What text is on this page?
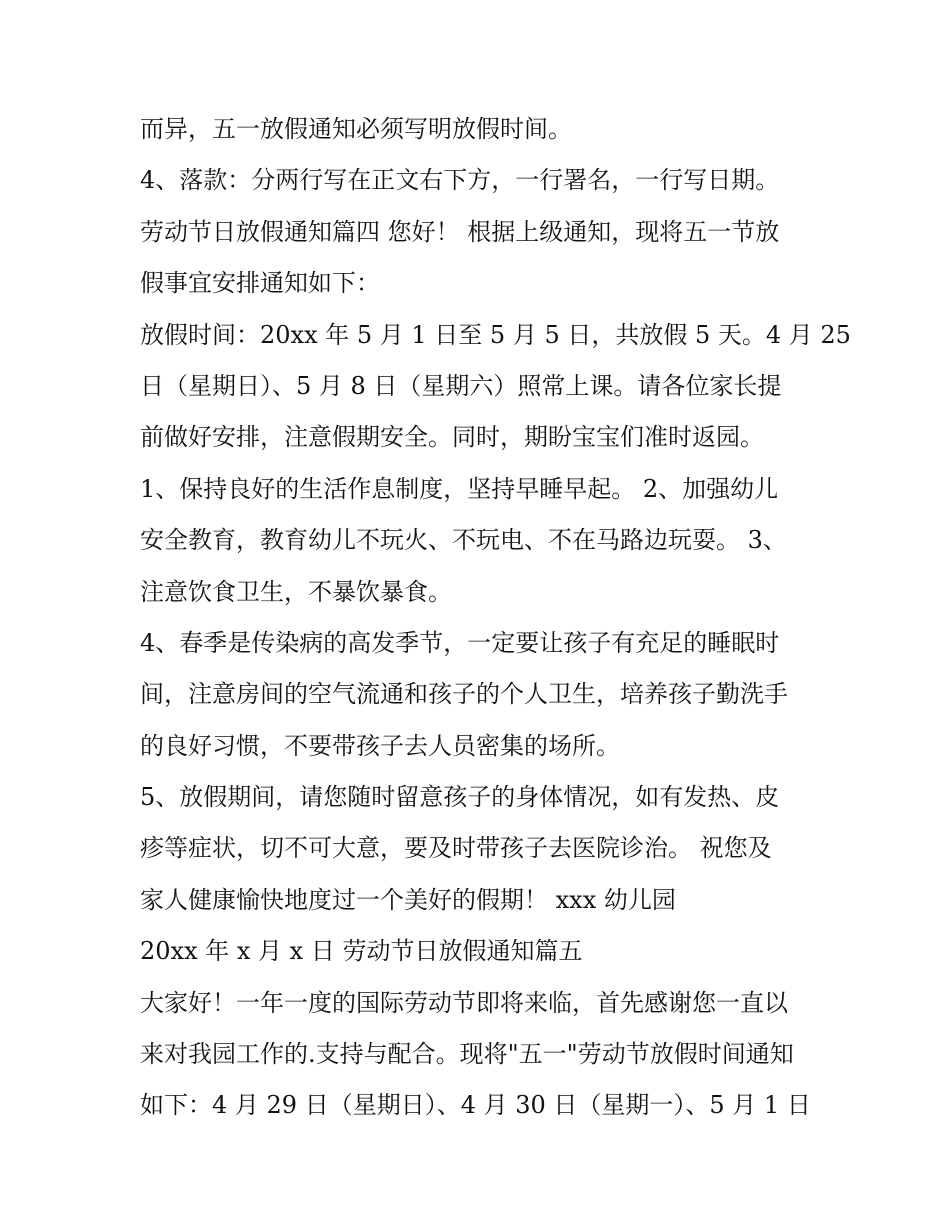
而异，五一放假通知必须写明放假时间。
4、落款：分两行写在正文右下方，一行署名，一行写日期。
劳动节日放假通知篇四 您好！ 根据上级通知，现将五一节放
假事宜安排通知如下：
放假时间：20xx 年 5 月 1 日至 5 月 5 日，共放假 5 天。4 月 25
日（星期日）、5 月 8 日（星期六）照常上课。请各位家长提
前做好安排，注意假期安全。同时，期盼宝宝们准时返园。
1、保持良好的生活作息制度，坚持早睡早起。 2、加强幼儿
安全教育，教育幼儿不玩火、不玩电、不在马路边玩耍。 3、
注意饮食卫生，不暴饮暴食。
4、春季是传染病的高发季节，一定要让孩子有充足的睡眠时
间，注意房间的空气流通和孩子的个人卫生，培养孩子勤洗手
的良好习惯，不要带孩子去人员密集的场所。
5、放假期间，请您随时留意孩子的身体情况，如有发热、皮
疹等症状，切不可大意，要及时带孩子去医院诊治。 祝您及
家人健康愉快地度过一个美好的假期！ xxx 幼儿园
20xx 年 x 月 x 日 劳动节日放假通知篇五
大家好！一年一度的国际劳动节即将来临，首先感谢您一直以
来对我园工作的.支持与配合。现将"五一"劳动节放假时间通知
如下：4 月 29 日（星期日）、4 月 30 日（星期一）、5 月 1 日
